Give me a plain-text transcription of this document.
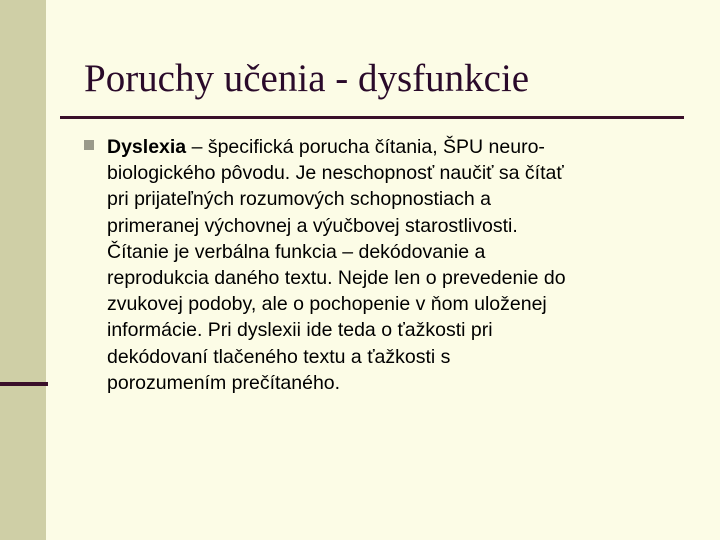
Poruchy učenia - dysfunkcie

Dyslexia – špecifická porucha čítania, ŠPU neuro-
biologického pôvodu. Je neschopnosť naučiť sa čítať
pri prijateľných rozumových schopnostiach a
primeranej výchovnej a výučbovej starostlivosti.
Čítanie je verbálna funkcia – dekódovanie a
reprodukcia daného textu. Nejde len o prevedenie do
zvukovej podoby, ale o pochopenie v ňom uloženej
informácie. Pri dyslexii ide teda o ťažkosti pri
dekódovaní tlačeného textu a ťažkosti s
porozumením prečítaného.
